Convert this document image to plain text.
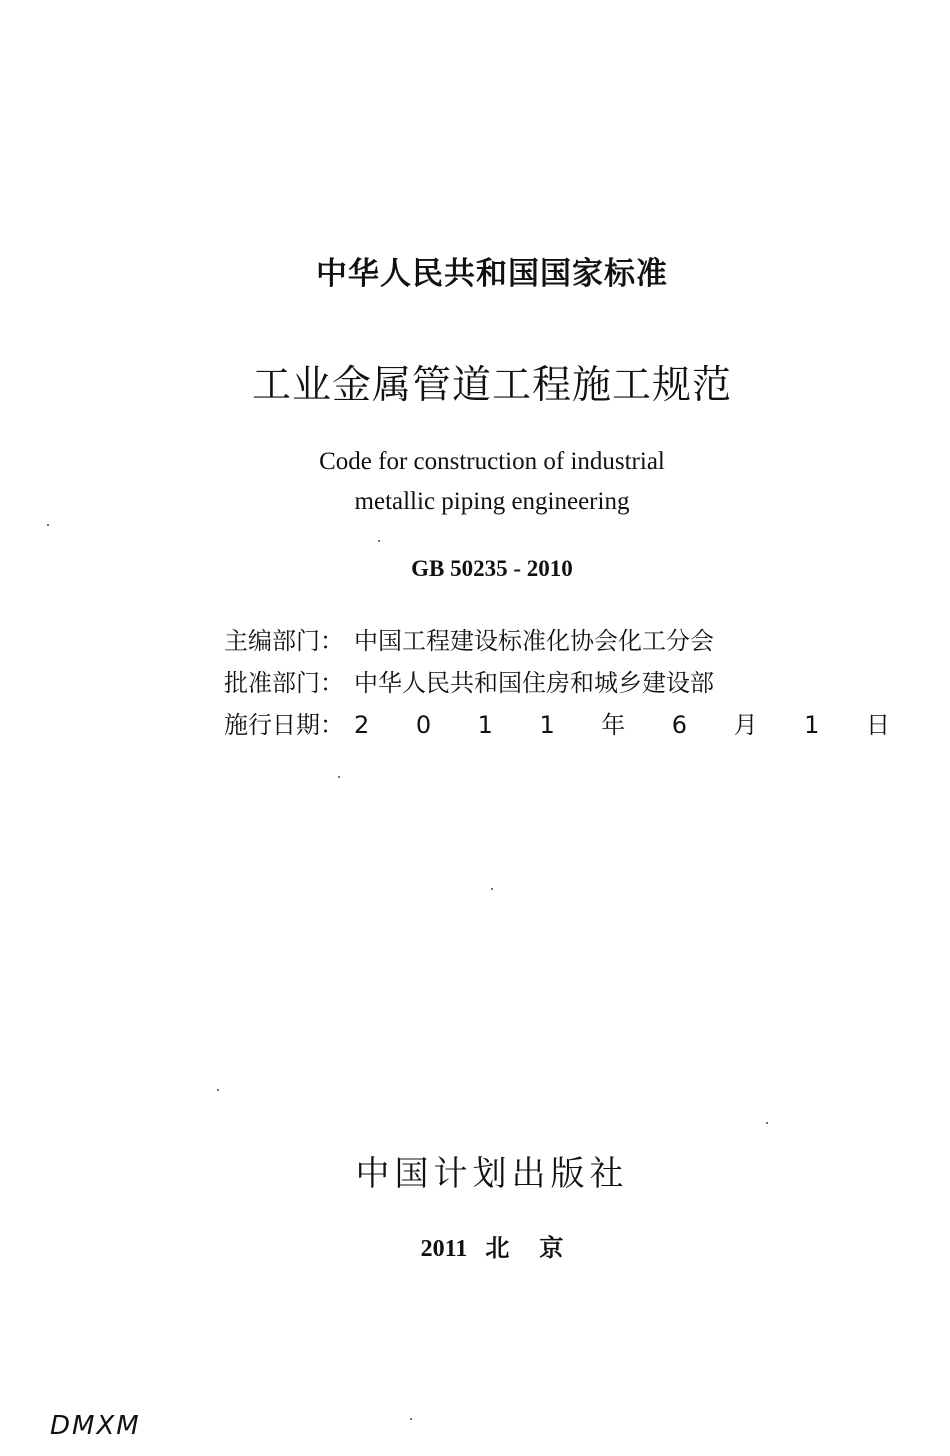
中华人民共和国国家标准
工业金属管道工程施工规范
Code for construction of industrial
metallic piping engineering
GB 50235 - 2010
主编部门： 中国工程建设标准化协会化工分会
批准部门： 中华人民共和国住房和城乡建设部
施行日期： 2 0 1 1 年 6 月 1 日
中国计划出版社
2011   北     京
DMXM
